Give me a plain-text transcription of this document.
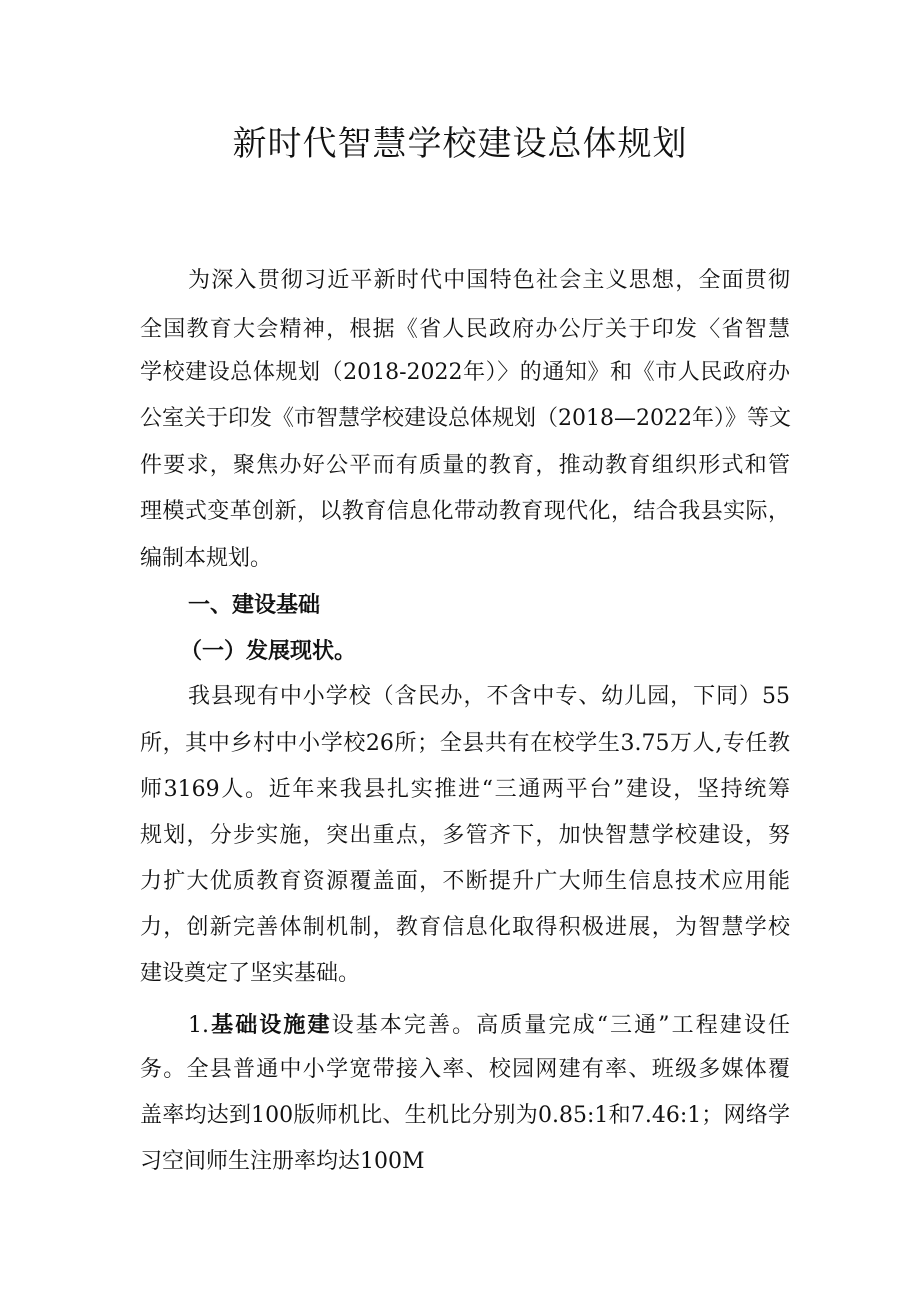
新时代智慧学校建设总体规划
为深入贯彻习近平新时代中国特色社会主义思想，全面贯彻
全国教育大会精神，根据《省人民政府办公厅关于印发〈省智慧
学校建设总体规划（2018-2022年）〉的通知》和《市人民政府办
公室关于印发《市智慧学校建设总体规划（2018—2022年）》等文
件要求，聚焦办好公平而有质量的教育，推动教育组织形式和管
理模式变革创新，以教育信息化带动教育现代化，结合我县实际，
编制本规划。
一、建设基础
（一）发展现状。
我县现有中小学校（含民办，不含中专、幼儿园，下同）55
所，其中乡村中小学校26所；全县共有在校学生3.75万人,专任教
师3169人。近年来我县扎实推进“三通两平台”建设，坚持统筹
规划，分步实施，突出重点，多管齐下，加快智慧学校建设，努
力扩大优质教育资源覆盖面，不断提升广大师生信息技术应用能
力，创新完善体制机制，教育信息化取得积极进展，为智慧学校
建设奠定了坚实基础。
1.基础设施建设基本完善。高质量完成“三通”工程建设任
务。全县普通中小学宽带接入率、校园网建有率、班级多媒体覆
盖率均达到100版师机比、生机比分别为0.85:1和7.46:1；网络学
习空间师生注册率均达100M
